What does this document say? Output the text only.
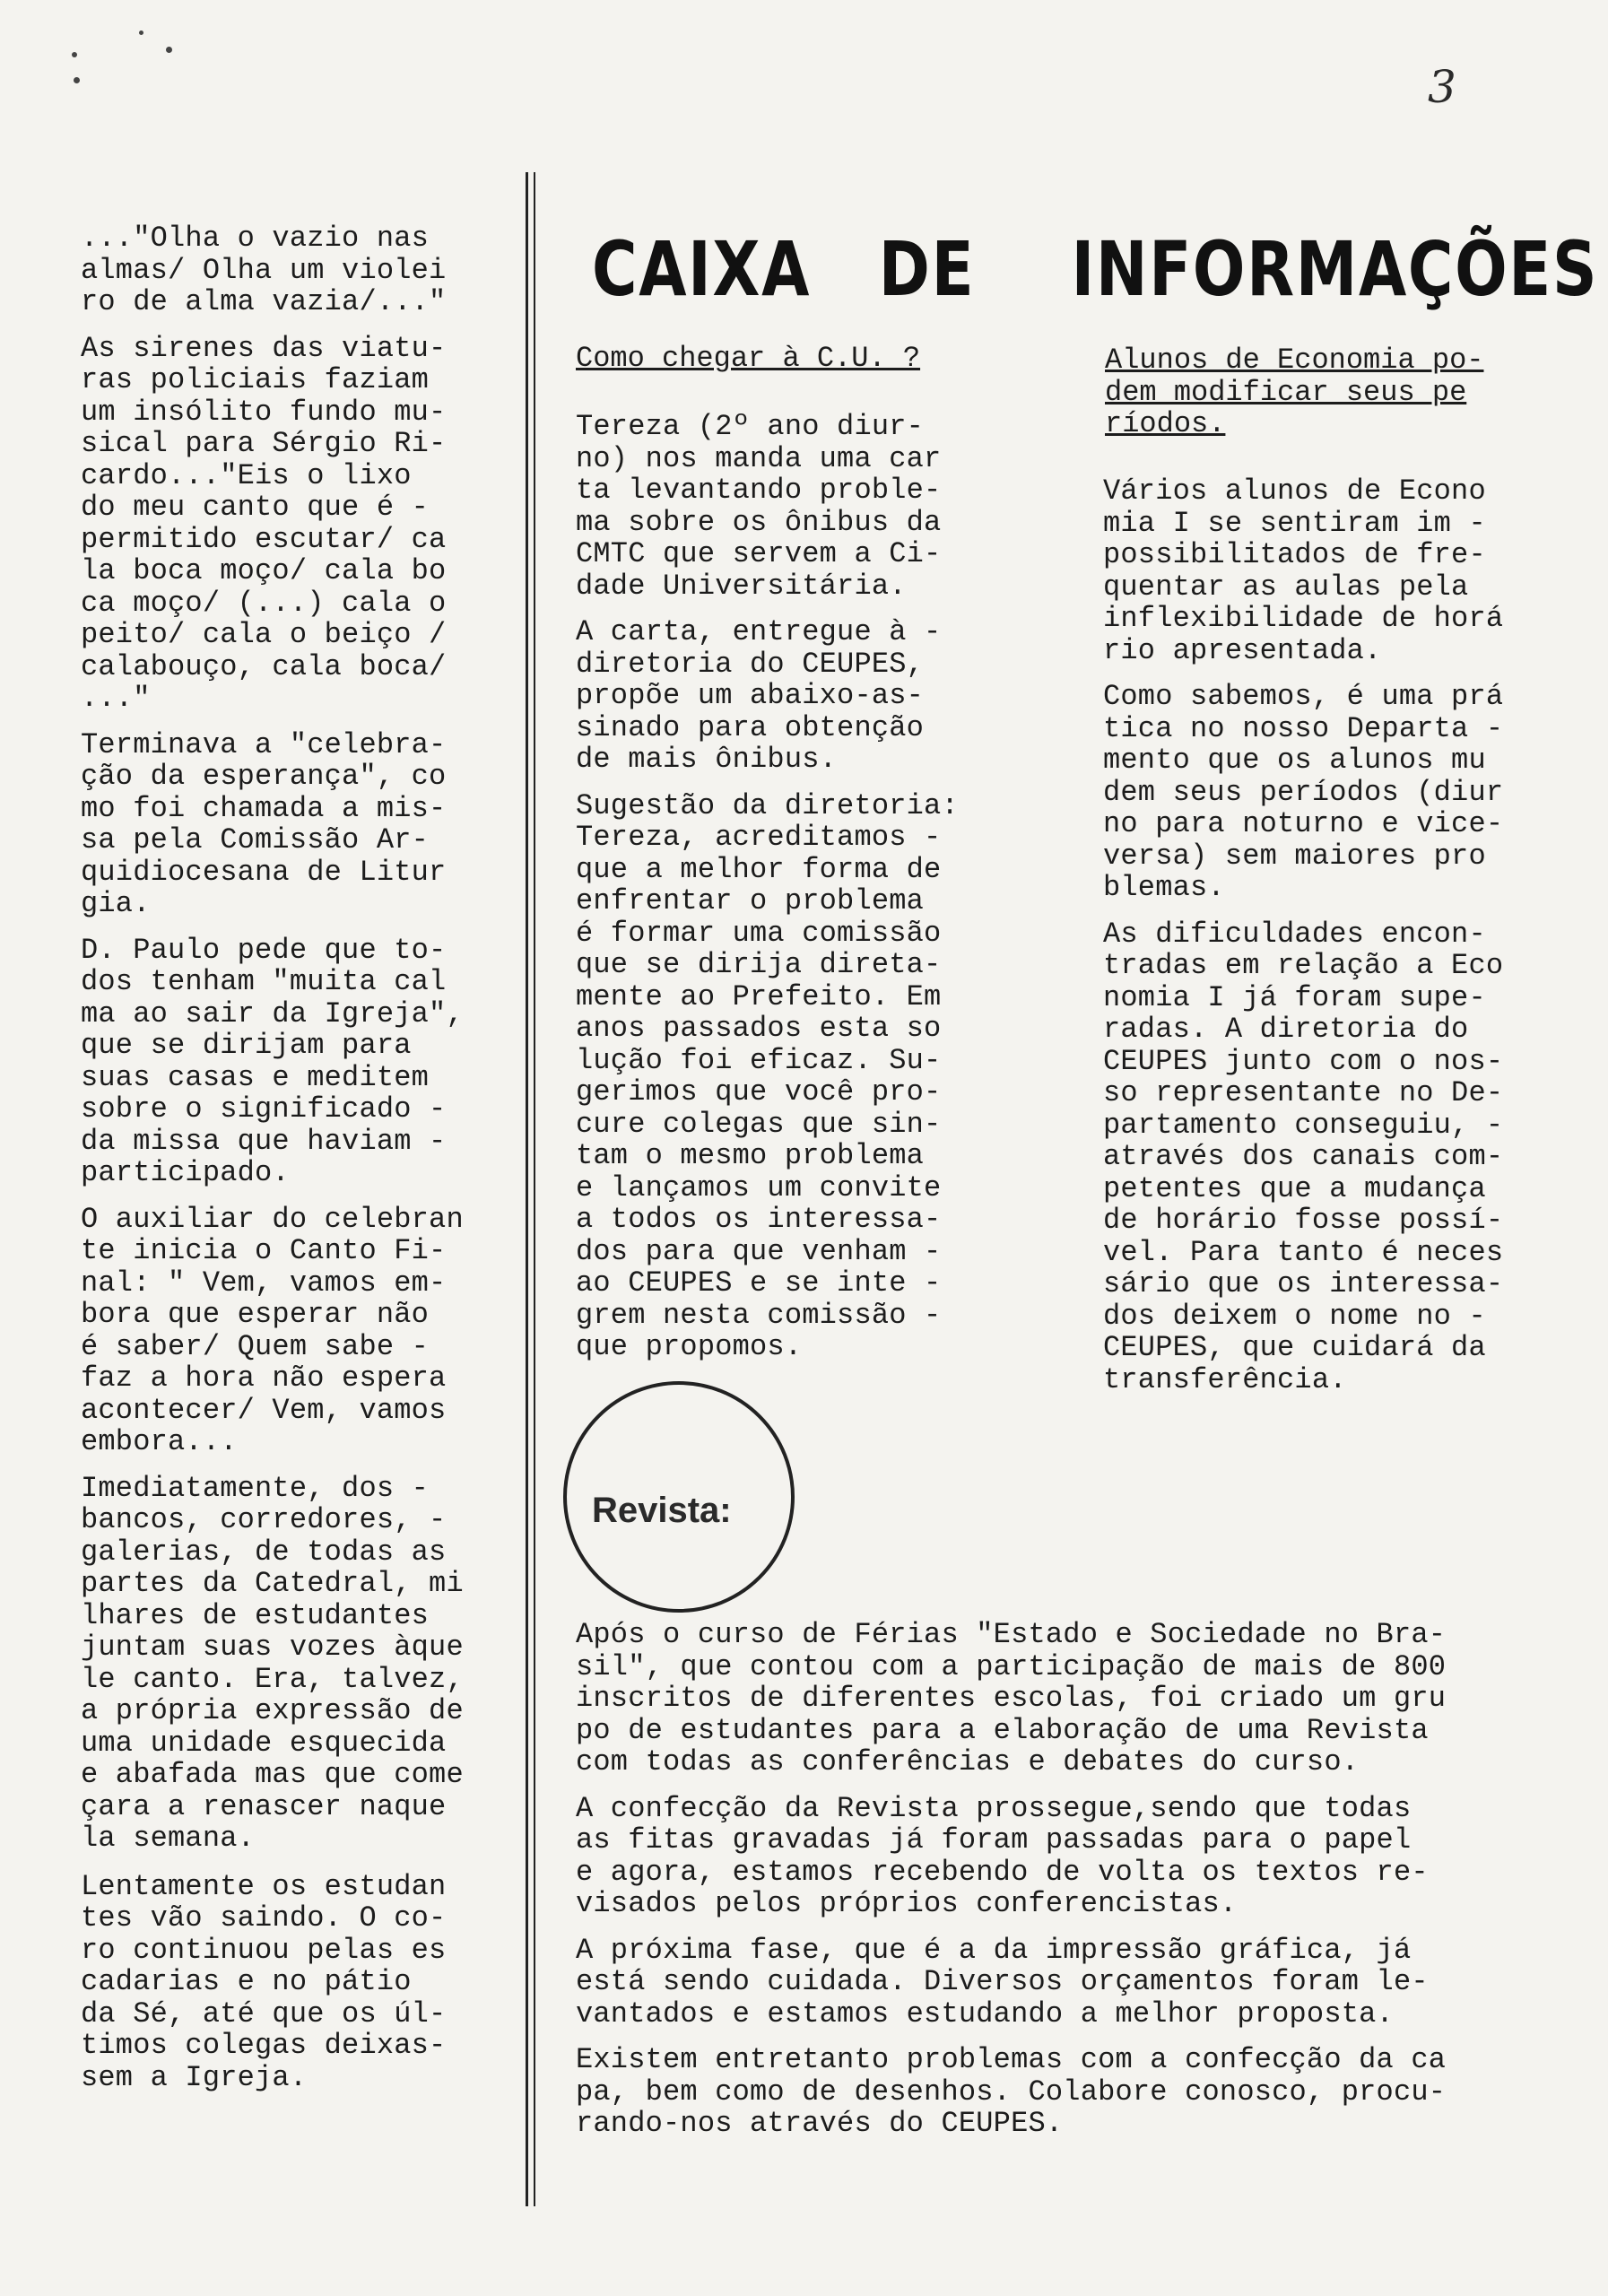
3

..."Olha o vazio nas
almas/ Olha um violei
ro de alma vazia/..."

As sirenes das viatu-
ras policiais faziam
um insólito fundo mu-
sical para Sérgio Ri-
cardo..."Eis o lixo
do meu canto que é -
permitido escutar/ ca
la boca moço/ cala bo
ca moço/ (...) cala o
peito/ cala o beiço /
calabouço, cala boca/
..."

Terminava a "celebra-
ção da esperança", co
mo foi chamada a mis-
sa pela Comissão Ar-
quidiocesana de Litur
gia.

D. Paulo pede que to-
dos tenham "muita cal
ma ao sair da Igreja",
que se dirijam para
suas casas e meditem
sobre o significado -
da missa que haviam -
participado.

O auxiliar do celebran
te inicia o Canto Fi-
nal: " Vem, vamos em-
bora que esperar não
é saber/ Quem sabe -
faz a hora não espera
acontecer/ Vem, vamos
embora...

Imediatamente, dos -
bancos, corredores, -
galerias, de todas as
partes da Catedral, mi
lhares de estudantes
juntam suas vozes àque
le canto. Era, talvez,
a própria expressão de
uma unidade esquecida
e abafada mas que come
çara a renascer naque
la semana.

Lentamente os estudan
tes vão saindo. O co-
ro continuou pelas es
cadarias e no pátio
da Sé, até que os úl-
timos colegas deixas-
sem a Igreja.

CAIXA DE INFORMAÇÕES
Como chegar à C.U. ?

Tereza (2º ano diur-
no) nos manda uma car
ta levantando proble-
ma sobre os ônibus da
CMTC que servem a Ci-
dade Universitária.

A carta, entregue à -
diretoria do CEUPES,
propõe um abaixo-as-
sinado para obtenção
de mais ônibus.

Sugestão da diretoria:
Tereza, acreditamos -
que a melhor forma de
enfrentar o problema
é formar uma comissão
que se dirija direta-
mente ao Prefeito. Em
anos passados esta so
lução foi eficaz. Su-
gerimos que você pro-
cure colegas que sin-
tam o mesmo problema
e lançamos um convite
a todos os interessa-
dos para que venham -
ao CEUPES e se inte -
grem nesta comissão -
que propomos.

Alunos de Economia po-
dem modificar seus pe
ríodos.

Vários alunos de Econo
mia I se sentiram im -
possibilitados de fre-
quentar as aulas pela
inflexibilidade de horá
rio apresentada.

Como sabemos, é uma prá
tica no nosso Departa -
mento que os alunos mu
dem seus períodos (diur
no para noturno e vice-
versa) sem maiores pro
blemas.

As dificuldades encon-
tradas em relação a Eco
nomia I já foram supe-
radas. A diretoria do
CEUPES junto com o nos-
so representante no De-
partamento conseguiu, -
através dos canais com-
petentes que a mudança
de horário fosse possí-
vel. Para tanto é neces
sário que os interessa-
dos deixem o nome no -
CEUPES, que cuidará da
transferência.

Revista:

Após o curso de Férias "Estado e Sociedade no Bra-
sil", que contou com a participação de mais de 800
inscritos de diferentes escolas, foi criado um gru
po de estudantes para a elaboração de uma Revista
com todas as conferências e debates do curso.

A confecção da Revista prossegue,sendo que todas
as fitas gravadas já foram passadas para o papel
e agora, estamos recebendo de volta os textos re-
visados pelos próprios conferencistas.

A próxima fase, que é a da impressão gráfica, já
está sendo cuidada. Diversos orçamentos foram le-
vantados e estamos estudando a melhor proposta.

Existem entretanto problemas com a confecção da ca
pa, bem como de desenhos. Colabore conosco, procu-
rando-nos através do CEUPES.
